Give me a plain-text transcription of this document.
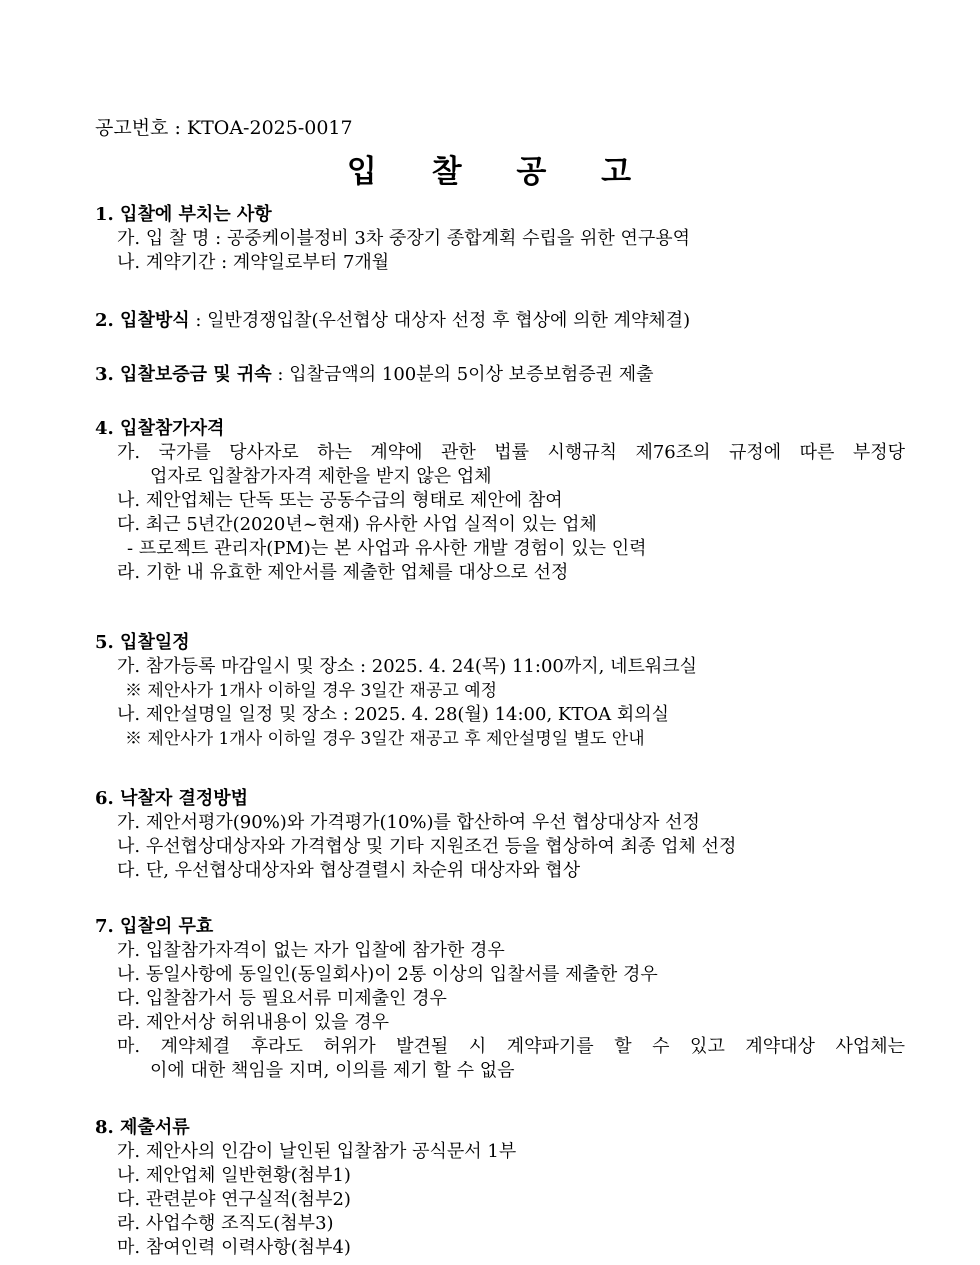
공고번호 : KTOA-2025-0017
입 찰 공 고
1. 입찰에 부치는 사항
가. 입 찰 명 : 공중케이블정비 3차 중장기 종합계획 수립을 위한 연구용역
나. 계약기간 : 계약일로부터 7개월
2. 입찰방식 : 일반경쟁입찰(우선협상 대상자 선정 후 협상에 의한 계약체결)
3. 입찰보증금 및 귀속 : 입찰금액의 100분의 5이상 보증보험증권 제출
4. 입찰참가자격
가. 국가를 당사자로 하는 계약에 관한 법률 시행규칙 제76조의 규정에 따른 부정당
업자로 입찰참가자격 제한을 받지 않은 업체
나. 제안업체는 단독 또는 공동수급의 형태로 제안에 참여
다. 최근 5년간(2020년~현재) 유사한 사업 실적이 있는 업체
- 프로젝트 관리자(PM)는 본 사업과 유사한 개발 경험이 있는 인력
라. 기한 내 유효한 제안서를 제출한 업체를 대상으로 선정
5. 입찰일정
가. 참가등록 마감일시 및 장소 : 2025. 4. 24(목) 11:00까지, 네트워크실
※ 제안사가 1개사 이하일 경우 3일간 재공고 예정
나. 제안설명일 일정 및 장소 : 2025. 4. 28(월) 14:00, KTOA 회의실
※ 제안사가 1개사 이하일 경우 3일간 재공고 후 제안설명일 별도 안내
6. 낙찰자 결정방법
가. 제안서평가(90%)와 가격평가(10%)를 합산하여 우선 협상대상자 선정
나. 우선협상대상자와 가격협상 및 기타 지원조건 등을 협상하여 최종 업체 선정
다. 단, 우선협상대상자와 협상결렬시 차순위 대상자와 협상
7. 입찰의 무효
가. 입찰참가자격이 없는 자가 입찰에 참가한 경우
나. 동일사항에 동일인(동일회사)이 2통 이상의 입찰서를 제출한 경우
다. 입찰참가서 등 필요서류 미제출인 경우
라. 제안서상 허위내용이 있을 경우
마. 계약체결 후라도 허위가 발견될 시 계약파기를 할 수 있고 계약대상 사업체는
이에 대한 책임을 지며, 이의를 제기 할 수 없음
8. 제출서류
가. 제안사의 인감이 날인된 입찰참가 공식문서 1부
나. 제안업체 일반현황(첨부1)
다. 관련분야 연구실적(첨부2)
라. 사업수행 조직도(첨부3)
마. 참여인력 이력사항(첨부4)
